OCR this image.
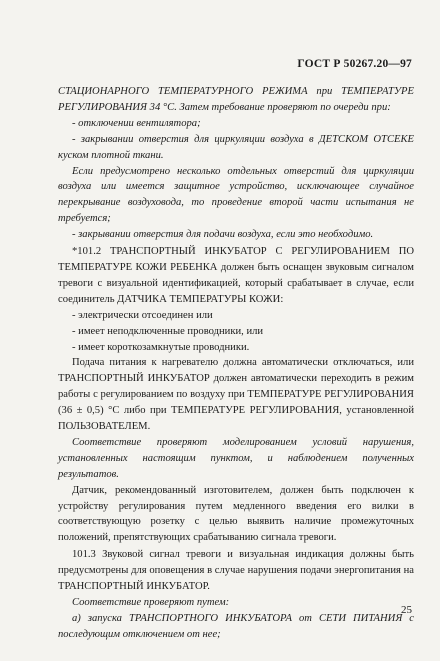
ГОСТ Р 50267.20—97

СТАЦИОНАРНОГО ТЕМПЕРАТУРНОГО РЕЖИМА при ТЕМПЕРАТУРЕ РЕГУЛИРОВАНИЯ 34 °С. Затем требование проверяют по очереди при:

- отключении вентилятора;

- закрывании отверстия для циркуляции воздуха в ДЕТСКОМ ОТСЕКЕ куском плотной ткани.

Если предусмотрено несколько отдельных отверстий для циркуляции воздуха или имеется защитное устройство, исключающее случайное перекрывание воздуховода, то проведение второй части испытания не требуется;

- закрывании отверстия для подачи воздуха, если это необходимо.

*101.2 ТРАНСПОРТНЫЙ ИНКУБАТОР С РЕГУЛИРОВАНИЕМ ПО ТЕМПЕРАТУРЕ КОЖИ РЕБЕНКА должен быть оснащен звуковым сигналом тревоги с визуальной идентификацией, который срабатывает в случае, если соединитель ДАТЧИКА ТЕМПЕРАТУРЫ КОЖИ:

- электрически отсоединен или

- имеет неподключенные проводники, или

- имеет короткозамкнутые проводники.

Подача питания к нагревателю должна автоматически отключаться, или ТРАНСПОРТНЫЙ ИНКУБАТОР должен автоматически переходить в режим работы с регулированием по воздуху при ТЕМПЕРАТУРЕ РЕГУЛИРОВАНИЯ (36 ± 0,5) °С либо при ТЕМПЕРАТУРЕ РЕГУЛИРОВАНИЯ, установленной ПОЛЬЗОВАТЕЛЕМ.

Соответствие проверяют моделированием условий нарушения, установленных настоящим пунктом, и наблюдением полученных результатов.

Датчик, рекомендованный изготовителем, должен быть подключен к устройству регулирования путем медленного введения его вилки в соответствующую розетку с целью выявить наличие промежуточных положений, препятствующих срабатыванию сигнала тревоги.

101.3 Звуковой сигнал тревоги и визуальная индикация должны быть предусмотрены для оповещения в случае нарушения подачи энергопитания на ТРАНСПОРТНЫЙ ИНКУБАТОР.

Соответствие проверяют путем:

а) запуска ТРАНСПОРТНОГО ИНКУБАТОРА от СЕТИ ПИТАНИЯ с последующим отключением от нее;

25
